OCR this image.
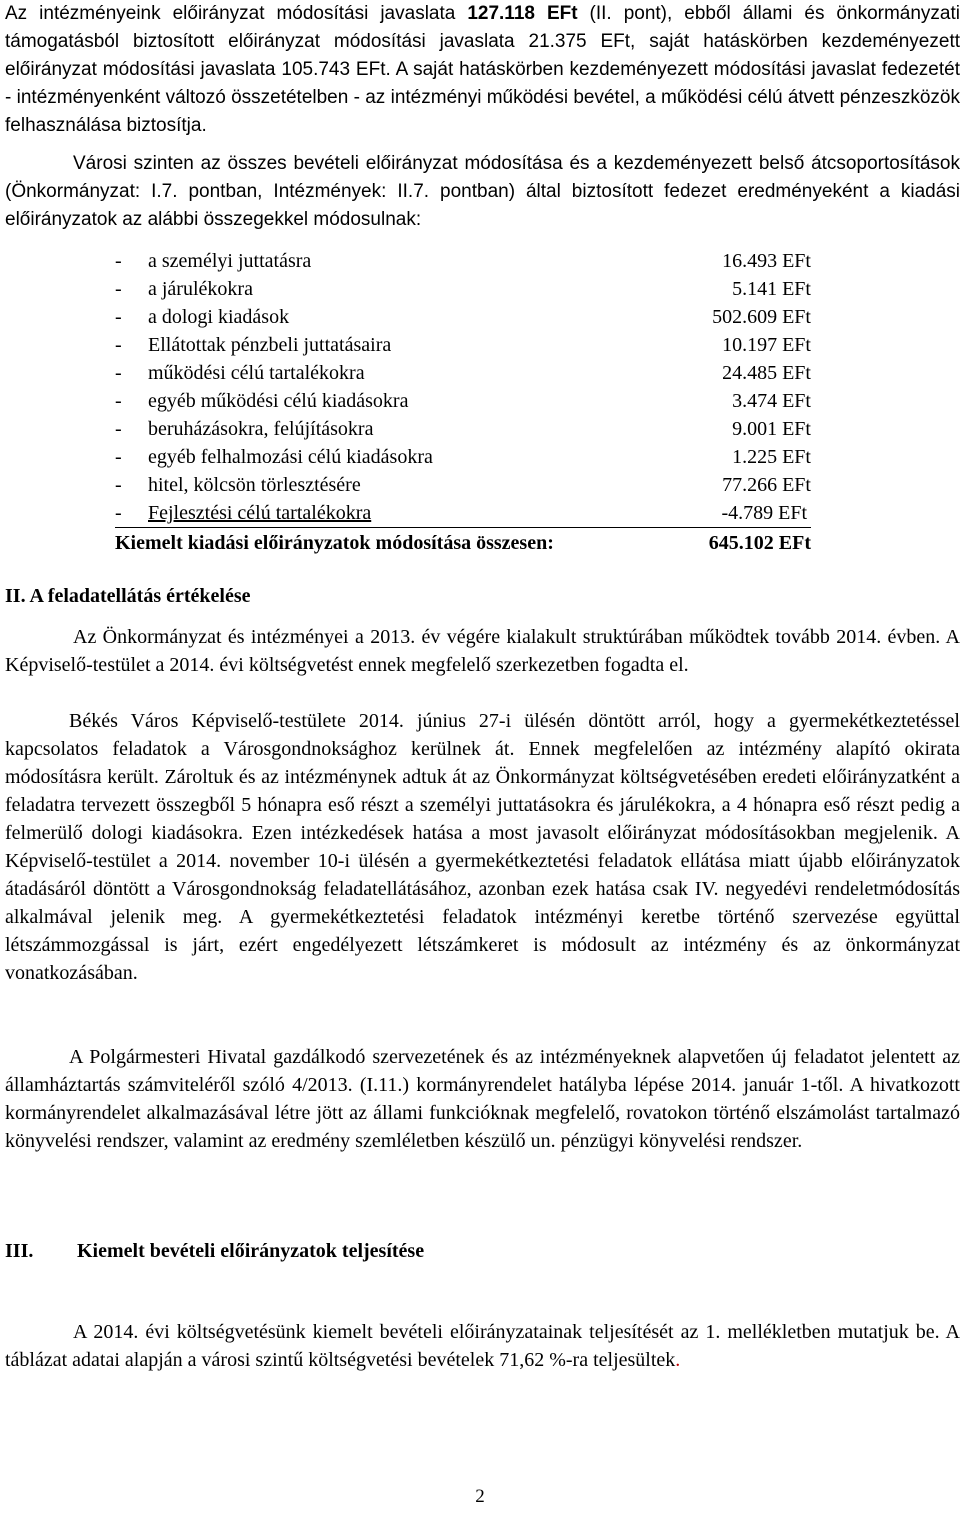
Az intézményeink előirányzat módosítási javaslata 127.118 EFt (II. pont), ebből állami és önkormányzati támogatásból biztosított előirányzat módosítási javaslata 21.375 EFt, saját hatáskörben kezdeményezett előirányzat módosítási javaslata 105.743 EFt. A saját hatáskörben kezdeményezett módosítási javaslat fedezetét - intézményenként változó összetételben - az intézményi működési bevétel, a működési célú átvett pénzeszközök felhasználása biztosítja.

Városi szinten az összes bevételi előirányzat módosítása és a kezdeményezett belső átcsoportosítások (Önkormányzat: I.7. pontban, Intézmények: II.7. pontban) által biztosított fedezet eredményeként a kiadási előirányzatok az alábbi összegekkel módosulnak:

- a személyi juttatásra	16.493 EFt
- a járulékokra	5.141 EFt
- a dologi kiadások	502.609 EFt
- Ellátottak pénzbeli juttatásaira	10.197 EFt
- működési célú tartalékokra	24.485 EFt
- egyéb működési célú kiadásokra	3.474 EFt
- beruházásokra, felújításokra	9.001 EFt
- egyéb felhalmozási célú kiadásokra	1.225 EFt
- hitel, kölcsön törlesztésére	77.266 EFt
- Fejlesztési célú tartalékokra	-4.789 EFt
Kiemelt kiadási előirányzatok módosítása összesen:	645.102 EFt

II. A feladatellátás értékelése

Az Önkormányzat és intézményei a 2013. év végére kialakult struktúrában működtek tovább 2014. évben. A Képviselő-testület a 2014. évi költségvetést ennek megfelelő szerkezetben fogadta el.

Békés Város Képviselő-testülete 2014. június 27-i ülésén döntött arról, hogy a gyermekétkeztetéssel kapcsolatos feladatok a Városgondnoksághoz kerülnek át. Ennek megfelelően az intézmény alapító okirata módosításra került. Zároltuk és az intézménynek adtuk át az Önkormányzat költségvetésében eredeti előirányzatként a feladatra tervezett összegből 5 hónapra eső részt a személyi juttatásokra és járulékokra, a 4 hónapra eső részt pedig a felmerülő dologi kiadásokra. Ezen intézkedések hatása a most javasolt előirányzat módosításokban megjelenik. A Képviselő-testület a 2014. november 10-i ülésén a gyermekétkeztetési feladatok ellátása miatt újabb előirányzatok átadásáról döntött a Városgondnokság feladatellátásához, azonban ezek hatása csak IV. negyedévi rendeletmódosítás alkalmával jelenik meg. A gyermekétkeztetési feladatok intézményi keretbe történő szervezése együttal létszámmozgással is járt, ezért engedélyezett létszámkeret is módosult az intézmény és az önkormányzat vonatkozásában.

A Polgármesteri Hivatal gazdálkodó szervezetének és az intézményeknek alapvetően új feladatot jelentett az államháztartás számviteléről szóló 4/2013. (I.11.) kormányrendelet hatályba lépése 2014. január 1-től. A hivatkozott kormányrendelet alkalmazásával létre jött az állami funkcióknak megfelelő, rovatokon történő elszámolást tartalmazó könyvelési rendszer, valamint az eredmény szemléletben készülő un. pénzügyi könyvelési rendszer.

III. Kiemelt bevételi előirányzatok teljesítése

A 2014. évi költségvetésünk kiemelt bevételi előirányzatainak teljesítését az 1. mellékletben mutatjuk be. A táblázat adatai alapján a városi szintű költségvetési bevételek 71,62 %-ra teljesültek.

2
